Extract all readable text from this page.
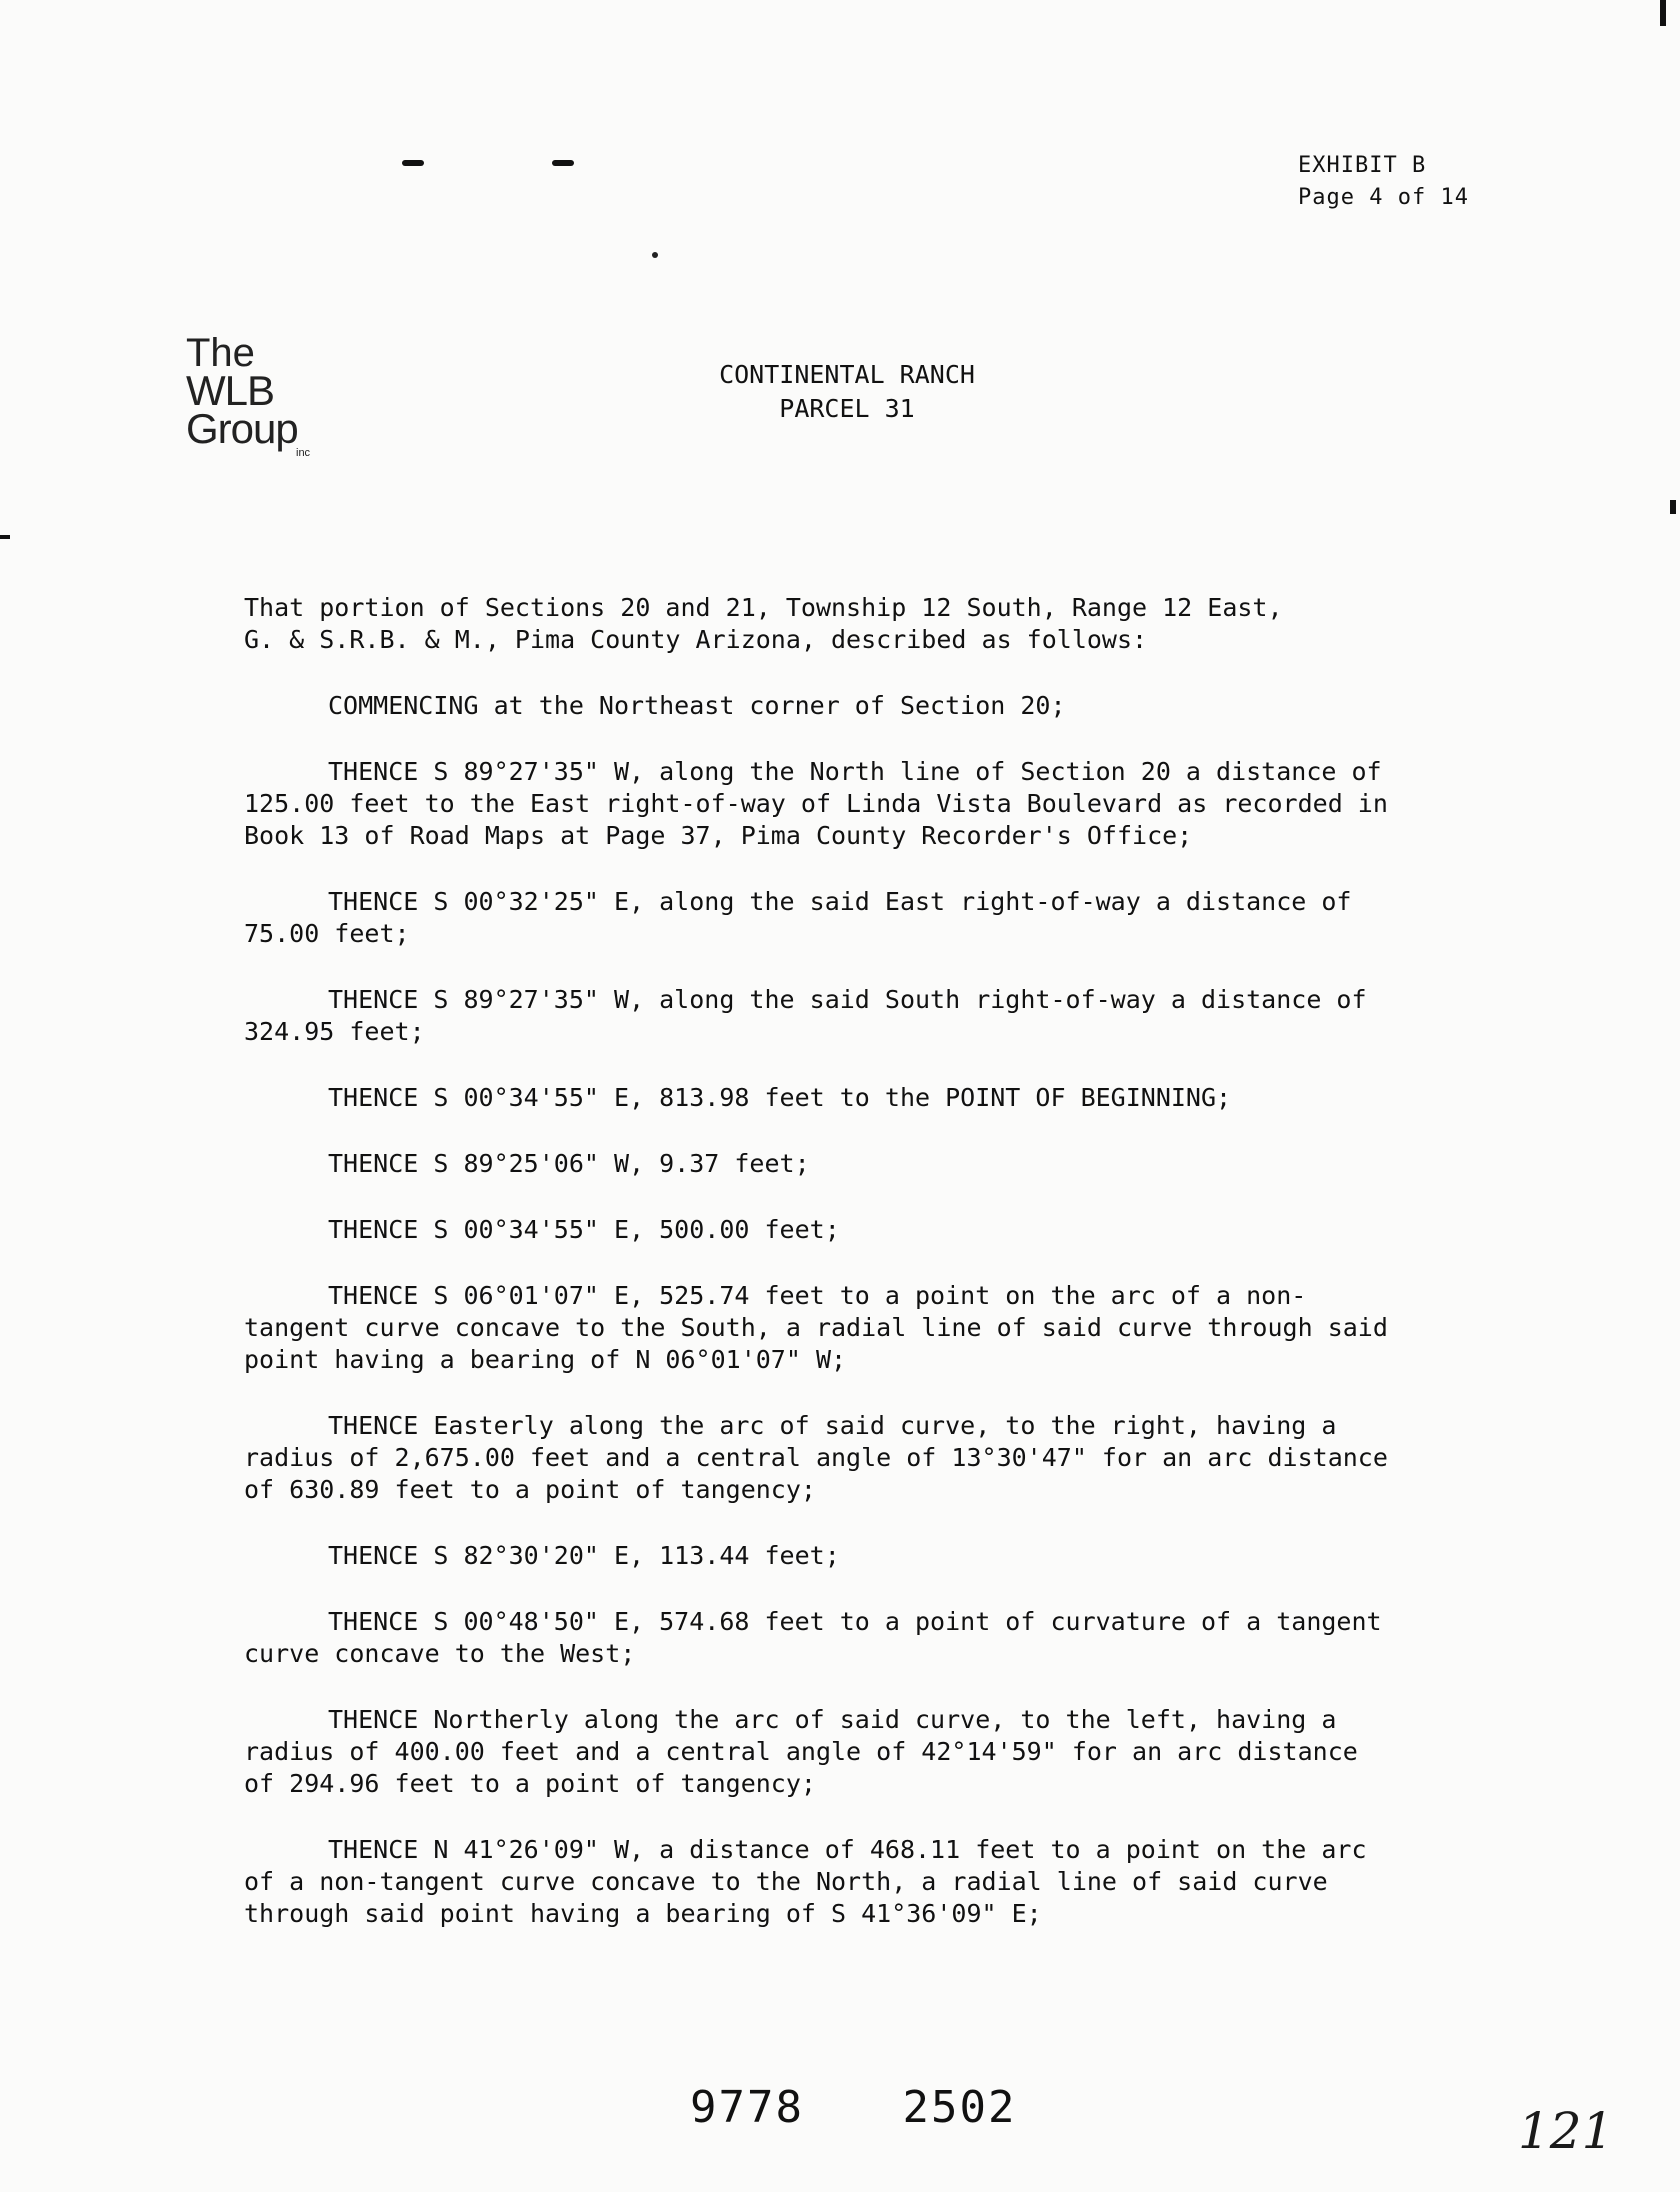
EXHIBIT B
Page 4 of 14
The
WLB
Group
inc
CONTINENTAL RANCH
PARCEL 31
That portion of Sections 20 and 21, Township 12 South, Range 12 East,
G. & S.R.B. & M., Pima County Arizona, described as follows:
COMMENCING at the Northeast corner of Section 20;
THENCE S 89°27'35" W, along the North line of Section 20 a distance of
125.00 feet to the East right-of-way of Linda Vista Boulevard as recorded in
Book 13 of Road Maps at Page 37, Pima County Recorder's Office;
THENCE S 00°32'25" E, along the said East right-of-way a distance of
75.00 feet;
THENCE S 89°27'35" W, along the said South right-of-way a distance of
324.95 feet;
THENCE S 00°34'55" E, 813.98 feet to the POINT OF BEGINNING;
THENCE S 89°25'06" W, 9.37 feet;
THENCE S 00°34'55" E, 500.00 feet;
THENCE S 06°01'07" E, 525.74 feet to a point on the arc of a non-
tangent curve concave to the South, a radial line of said curve through said
point having a bearing of N 06°01'07" W;
THENCE Easterly along the arc of said curve, to the right, having a
radius of 2,675.00 feet and a central angle of 13°30'47" for an arc distance
of 630.89 feet to a point of tangency;
THENCE S 82°30'20" E, 113.44 feet;
THENCE S 00°48'50" E, 574.68 feet to a point of curvature of a tangent
curve concave to the West;
THENCE Northerly along the arc of said curve, to the left, having a
radius of 400.00 feet and a central angle of 42°14'59" for an arc distance
of 294.96 feet to a point of tangency;
THENCE N 41°26'09" W, a distance of 468.11 feet to a point on the arc
of a non-tangent curve concave to the North, a radial line of said curve
through said point having a bearing of S 41°36'09" E;
9778 2502	121
